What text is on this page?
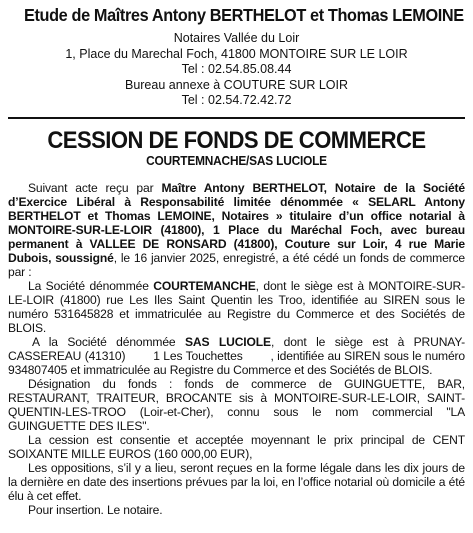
Etude de Maîtres Antony BERTHELOT et Thomas LEMOINE
Notaires Vallée du Loir
1, Place du Marechal Foch, 41800 MONTOIRE SUR LE LOIR
Tel : 02.54.85.08.44
Bureau annexe à COUTURE SUR LOIR
Tel : 02.54.72.42.72
CESSION DE FONDS DE COMMERCE
COURTEMNACHE/SAS LUCIOLE

Suivant acte reçu par Maître Antony BERTHELOT, Notaire de la Société d’Exercice Libéral à Responsabilité limitée dénommée « SELARL Antony BERTHELOT et Thomas LEMOINE, Notaires » titulaire d’un office notarial à MONTOIRE-SUR-LE-LOIR (41800), 1 Place du Maréchal Foch, avec bureau permanent à VALLEE DE RONSARD (41800), Couture sur Loir, 4 rue Marie Dubois, soussigné, le 16 janvier 2025, enregistré, a été cédé un fonds de commerce par :

La Société dénommée COURTEMANCHE, dont le siège est à MONTOIRE-SUR-LE-LOIR (41800) rue Les Iles Saint Quentin les Troo, identifiée au SIREN sous le numéro 531645828 et immatriculée au Registre du Commerce et des Sociétés de BLOIS.

A la Société dénommée SAS LUCIOLE, dont le siège est à PRUNAY-CASSEREAU (41310)        1 Les Touchettes        , identifiée au SIREN sous le numéro 934807405 et immatriculée au Registre du Commerce et des Sociétés de BLOIS.

Désignation du fonds : fonds de commerce de GUINGUETTE, BAR, RESTAURANT, TRAITEUR, BROCANTE sis à MONTOIRE-SUR-LE-LOIR, SAINT-QUENTIN-LES-TROO (Loir-et-Cher), connu sous le nom commercial "LA GUINGUETTE DES ILES".

La cession est consentie et acceptée moyennant le prix principal de CENT SOIXANTE MILLE EUROS (160 000,00 EUR),

Les oppositions, s’il y a lieu, seront reçues en la forme légale dans les dix jours de la dernière en date des insertions prévues par la loi, en l’office notarial où domicile a été élu à cet effet.

Pour insertion. Le notaire.
